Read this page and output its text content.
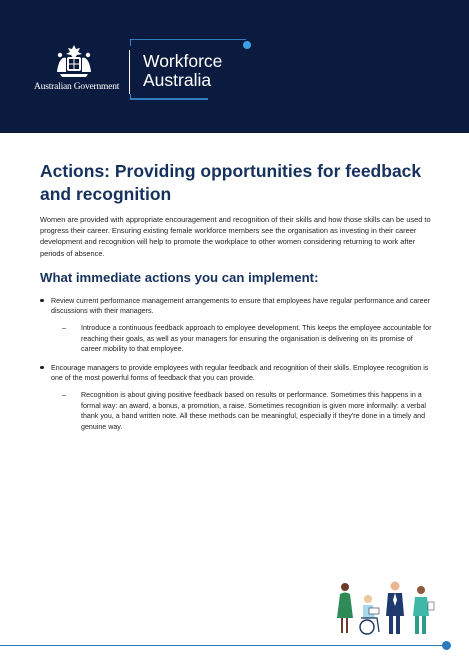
Australian Government
Workforce
Australia
Actions: Providing opportunities for feedback and recognition

Women are provided with appropriate encouragement and recognition of their skills and how those skills can be used to progress their career. Ensuring existing female workforce members see the organisation as investing in their career development and recognition will help to promote the workplace to other women considering returning to work after periods of absence.

What immediate actions you can implement:
Review current performance management arrangements to ensure that employees have regular performance and career discussions with their managers.
– Introduce a continuous feedback approach to employee development. This keeps the employee accountable for reaching their goals, as well as your managers for ensuring the organisation is delivering on its promise of career mobility to that employee.
Encourage managers to provide employees with regular feedback and recognition of their skills. Employee recognition is one of the most powerful forms of feedback that you can provide.
– Recognition is about giving positive feedback based on results or performance. Sometimes this happens in a formal way: an award, a bonus, a promotion, a raise. Sometimes recognition is given more informally: a verbal thank you, a hand written note. All these methods can be meaningful, especially if they're done in a timely and genuine way.
